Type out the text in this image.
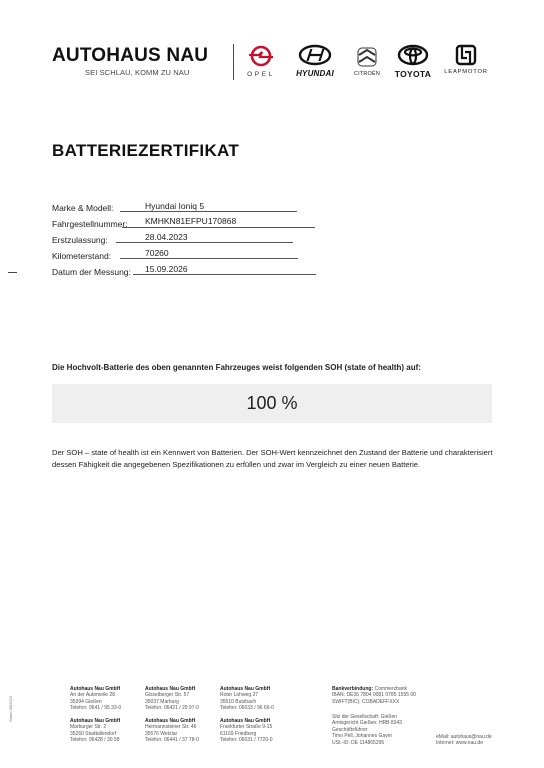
AUTOHAUS NAU
SEI SCHLAU, KOMM ZU NAU	OPEL	HYUNDAI	CITROËN	TOYOTA	LEAPMOTOR
BATTERIEZERTIFIKAT
Marke & Modell:	Hyundai Ioniq 5
Fahrgestellnummer: KMHKN81EFPU170868
Erstzulassung:	28.04.2023
Kilometerstand:	70260
Datum der Messung: 15.09.2026
Die Hochvolt-Batterie des oben genannten Fahrzeuges weist folgenden SOH (state of health) auf:
100 %
Der SOH – state of health ist ein Kennwert von Batterien. Der SOH-Wert kennzeichnet den Zustand der Batterie und charakterisiert dessen Fähigkeit die angegebenen Spezifikationen zu erfüllen und zwar im Vergleich zu einer neuen Batterie.
Autohaus Nau GmbH
An der Automeile 28
35394 Gießen
Telefon: 0641 / 95 33-0
Autohaus Nau GmbH
Gisselberger Str. 57
35037 Marburg
Telefon: 06421 / 29 97-0
Autohaus Nau GmbH
Roter Lohweg 27
35510 Butzbach
Telefon: 06033 / 96 66-0
Autohaus Nau GmbH
Marburger Str. 2
35260 Stadtallendorf
Telefon: 06428 / 30 58
Autohaus Nau GmbH
Hermannsteiner Str. 46
35576 Wetzlar
Telefon: 06441 / 37 78-0
Autohaus Nau GmbH
Frankfurter Straße 9-15
61169 Friedberg
Telefon: 06031 / 7720-0
Bankverbindung: Commerzbank
IBAN: DE36 7804 0081 0785 1555 00
SWIFT(BIC): COBADEFFXXX
Sitz der Gesellschaft: Gießen
Amtsgericht Gießen: HRB 8343
Geschäftsführer
Timo Pell, Johannes Gayer
USt.-ID: DE 114865295
eMail: autohaus@nau.de
Internet: www.nau.de
Stand 09/2023
